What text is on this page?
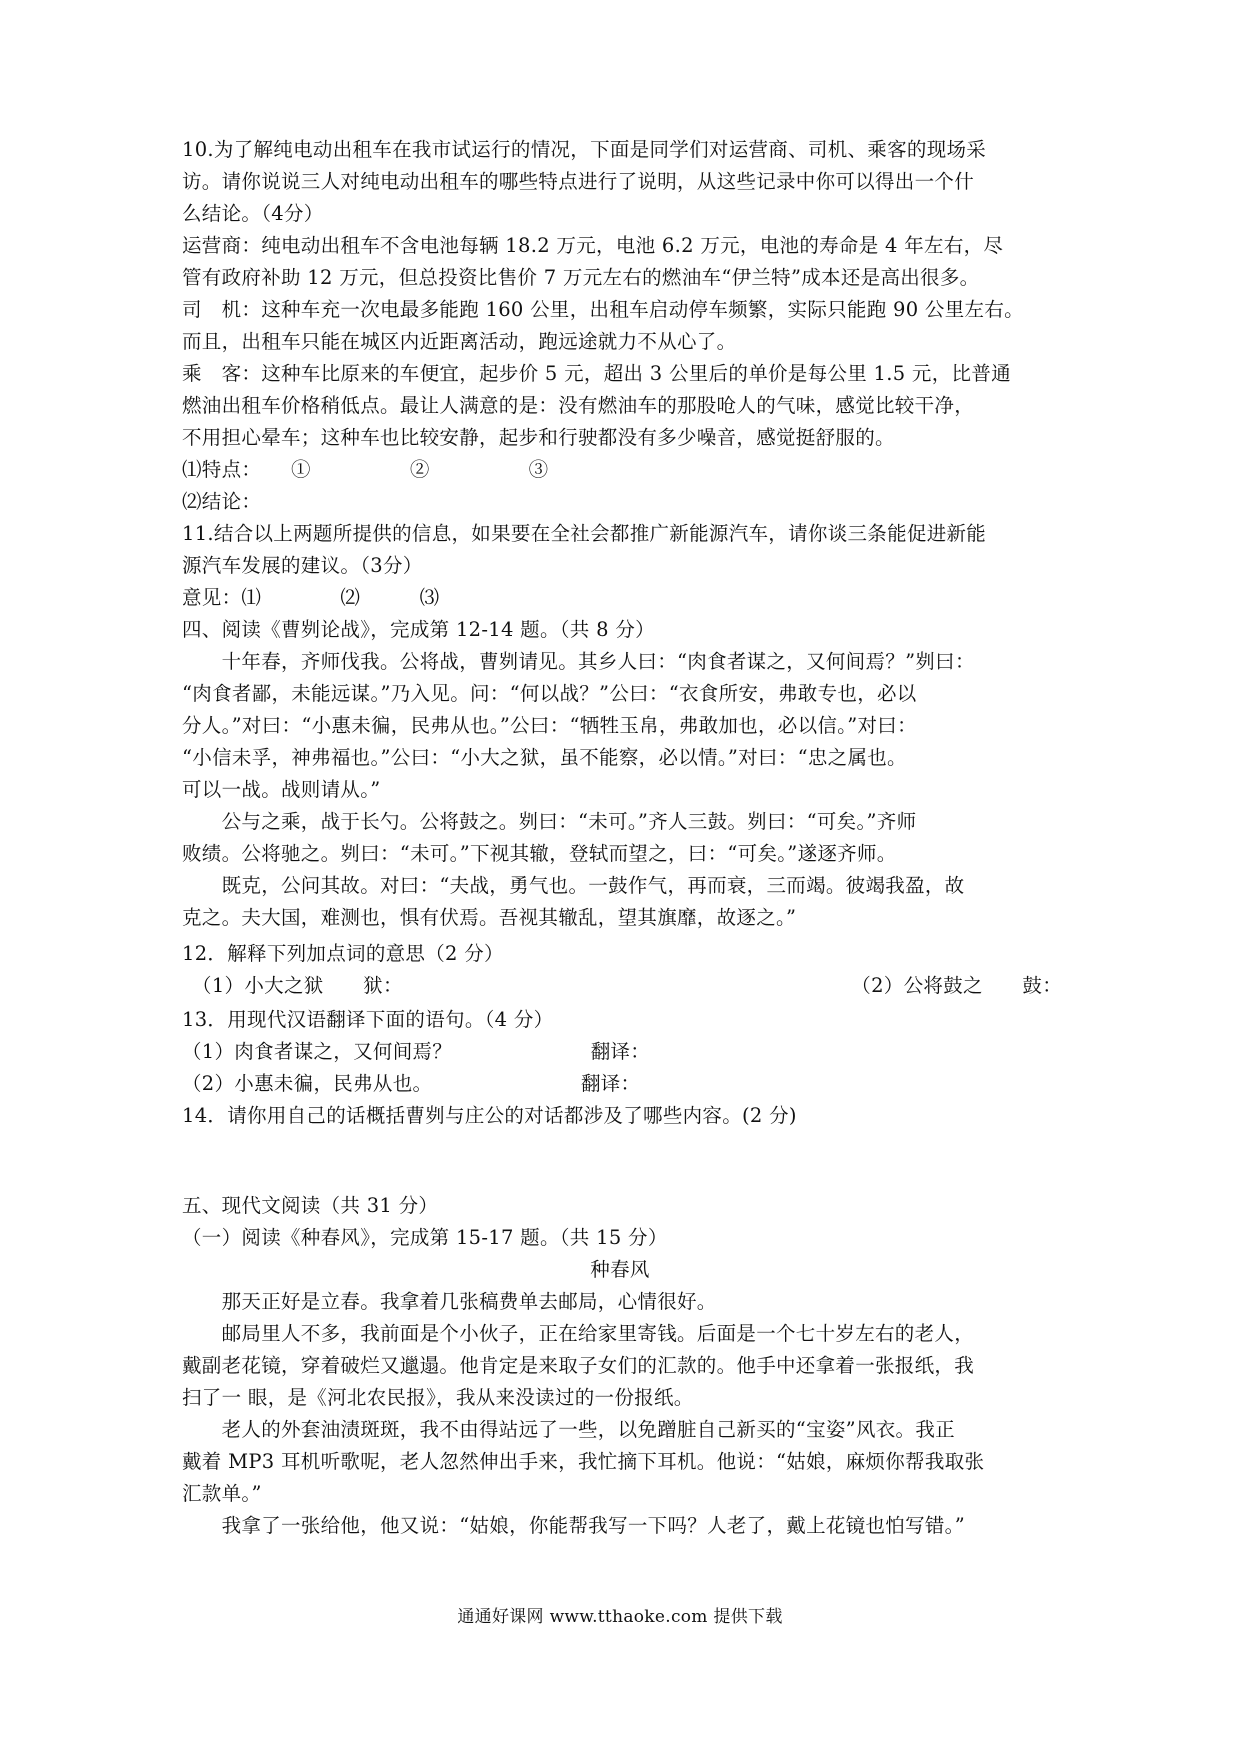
10.为了解纯电动出租车在我市试运行的情况，下面是同学们对运营商、司机、乘客的现场采
访。请你说说三人对纯电动出租车的哪些特点进行了说明，从这些记录中你可以得出一个什
么结论。（4分）
运营商：纯电动出租车不含电池每辆 18.2 万元，电池 6.2 万元，电池的寿命是 4 年左右，尽
管有政府补助 12 万元，但总投资比售价 7 万元左右的燃油车“伊兰特”成本还是高出很多。
司　机：这种车充一次电最多能跑 160 公里，出租车启动停车频繁，实际只能跑 90 公里左右。
而且，出租车只能在城区内近距离活动，跑远途就力不从心了。
乘　客：这种车比原来的车便宜，起步价 5 元，超出 3 公里后的单价是每公里 1.5 元，比普通
燃油出租车价格稍低点。最让人满意的是：没有燃油车的那股呛人的气味，感觉比较干净，
不用担心晕车；这种车也比较安静，起步和行驶都没有多少噪音，感觉挺舒服的。
⑴特点：　　①　　　　　②　　　　　③
⑵结论：
11.结合以上两题所提供的信息，如果要在全社会都推广新能源汽车，请你谈三条能促进新能
源汽车发展的建议。（3分）
意见：⑴　　　　⑵　　　⑶
四、阅读《曹刿论战》，完成第 12-14 题。（共 8 分）
　　十年春，齐师伐我。公将战，曹刿请见。其乡人曰：“肉食者谋之，又何间焉？”刿曰：
“肉食者鄙，未能远谋。”乃入见。问：“何以战？”公曰：“衣食所安，弗敢专也，必以
分人。”对曰：“小惠未徧，民弗从也。”公曰：“牺牲玉帛，弗敢加也，必以信。”对曰：
“小信未孚，神弗福也。”公曰：“小大之狱，虽不能察，必以情。”对曰：“忠之属也。
可以一战。战则请从。”
　　公与之乘，战于长勺。公将鼓之。刿曰：“未可。”齐人三鼓。刿曰：“可矣。”齐师
败绩。公将驰之。刿曰：“未可。”下视其辙，登轼而望之，曰：“可矣。”遂逐齐师。
　　既克，公问其故。对曰：“夫战，勇气也。一鼓作气，再而衰，三而竭。彼竭我盈，故
克之。夫大国，难测也，惧有伏焉。吾视其辙乱，望其旗靡，故逐之。”
12．解释下列加点词的意思（2 分）
　（1）小大之狱　　狱：	（2）公将鼓之　　鼓：
13．用现代汉语翻译下面的语句。（4 分）
（1）肉食者谋之，又何间焉？　　　　　　　翻译：
（2）小惠未徧，民弗从也。　　　　　　　　翻译：
14．请你用自己的话概括曹刿与庄公的对话都涉及了哪些内容。(2 分)
五、现代文阅读（共 31 分）
（一）阅读《种春风》，完成第 15-17 题。（共 15 分）
种春风
　　那天正好是立春。我拿着几张稿费单去邮局，心情很好。
　　邮局里人不多，我前面是个小伙子，正在给家里寄钱。后面是一个七十岁左右的老人，
戴副老花镜，穿着破烂又邋遢。他肯定是来取子女们的汇款的。他手中还拿着一张报纸，我
扫了一 眼，是《河北农民报》，我从来没读过的一份报纸。
　　老人的外套油渍斑斑，我不由得站远了一些，以免蹭脏自己新买的“宝姿”风衣。我正
戴着 MP3 耳机听歌呢，老人忽然伸出手来，我忙摘下耳机。他说：“姑娘，麻烦你帮我取张
汇款单。”
　　我拿了一张给他，他又说：“姑娘，你能帮我写一下吗？人老了，戴上花镜也怕写错。”
通通好课网 www.tthaoke.com 提供下载
